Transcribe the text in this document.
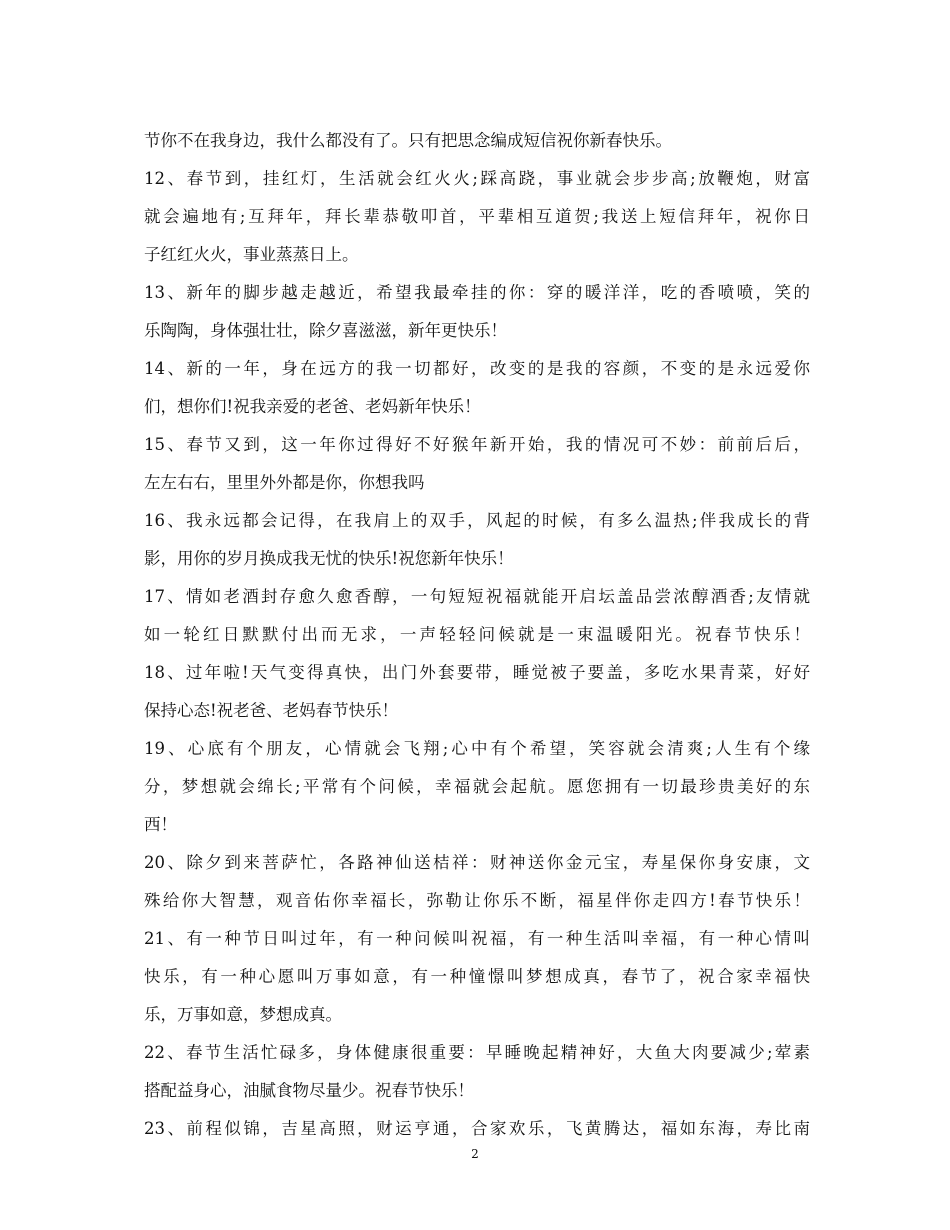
节你不在我身边，我什么都没有了。只有把思念编成短信祝你新春快乐。
12、春节到，挂红灯，生活就会红火火;踩高跷，事业就会步步高;放鞭炮，财富
就会遍地有;互拜年，拜长辈恭敬叩首，平辈相互道贺;我送上短信拜年，祝你日
子红红火火，事业蒸蒸日上。
13、新年的脚步越走越近，希望我最牵挂的你：穿的暖洋洋，吃的香喷喷，笑的
乐陶陶，身体强壮壮，除夕喜滋滋，新年更快乐！
14、新的一年，身在远方的我一切都好，改变的是我的容颜，不变的是永远爱你
们，想你们!祝我亲爱的老爸、老妈新年快乐！
15、春节又到，这一年你过得好不好猴年新开始，我的情况可不妙：前前后后，
左左右右，里里外外都是你，你想我吗
16、我永远都会记得，在我肩上的双手，风起的时候，有多么温热;伴我成长的背
影，用你的岁月换成我无忧的快乐!祝您新年快乐！
17、情如老酒封存愈久愈香醇，一句短短祝福就能开启坛盖品尝浓醇酒香;友情就
如一轮红日默默付出而无求，一声轻轻问候就是一束温暖阳光。祝春节快乐！
18、过年啦!天气变得真快，出门外套要带，睡觉被子要盖，多吃水果青菜，好好
保持心态!祝老爸、老妈春节快乐！
19、心底有个朋友，心情就会飞翔;心中有个希望，笑容就会清爽;人生有个缘
分，梦想就会绵长;平常有个问候，幸福就会起航。愿您拥有一切最珍贵美好的东
西！
20、除夕到来菩萨忙，各路神仙送桔祥：财神送你金元宝，寿星保你身安康，文
殊给你大智慧，观音佑你幸福长，弥勒让你乐不断，福星伴你走四方!春节快乐！
21、有一种节日叫过年，有一种问候叫祝福，有一种生活叫幸福，有一种心情叫
快乐，有一种心愿叫万事如意，有一种憧憬叫梦想成真，春节了，祝合家幸福快
乐，万事如意，梦想成真。
22、春节生活忙碌多，身体健康很重要：早睡晚起精神好，大鱼大肉要减少;荤素
搭配益身心，油腻食物尽量少。祝春节快乐！
23、前程似锦，吉星高照，财运亨通，合家欢乐，飞黄腾达，福如东海，寿比南
2
